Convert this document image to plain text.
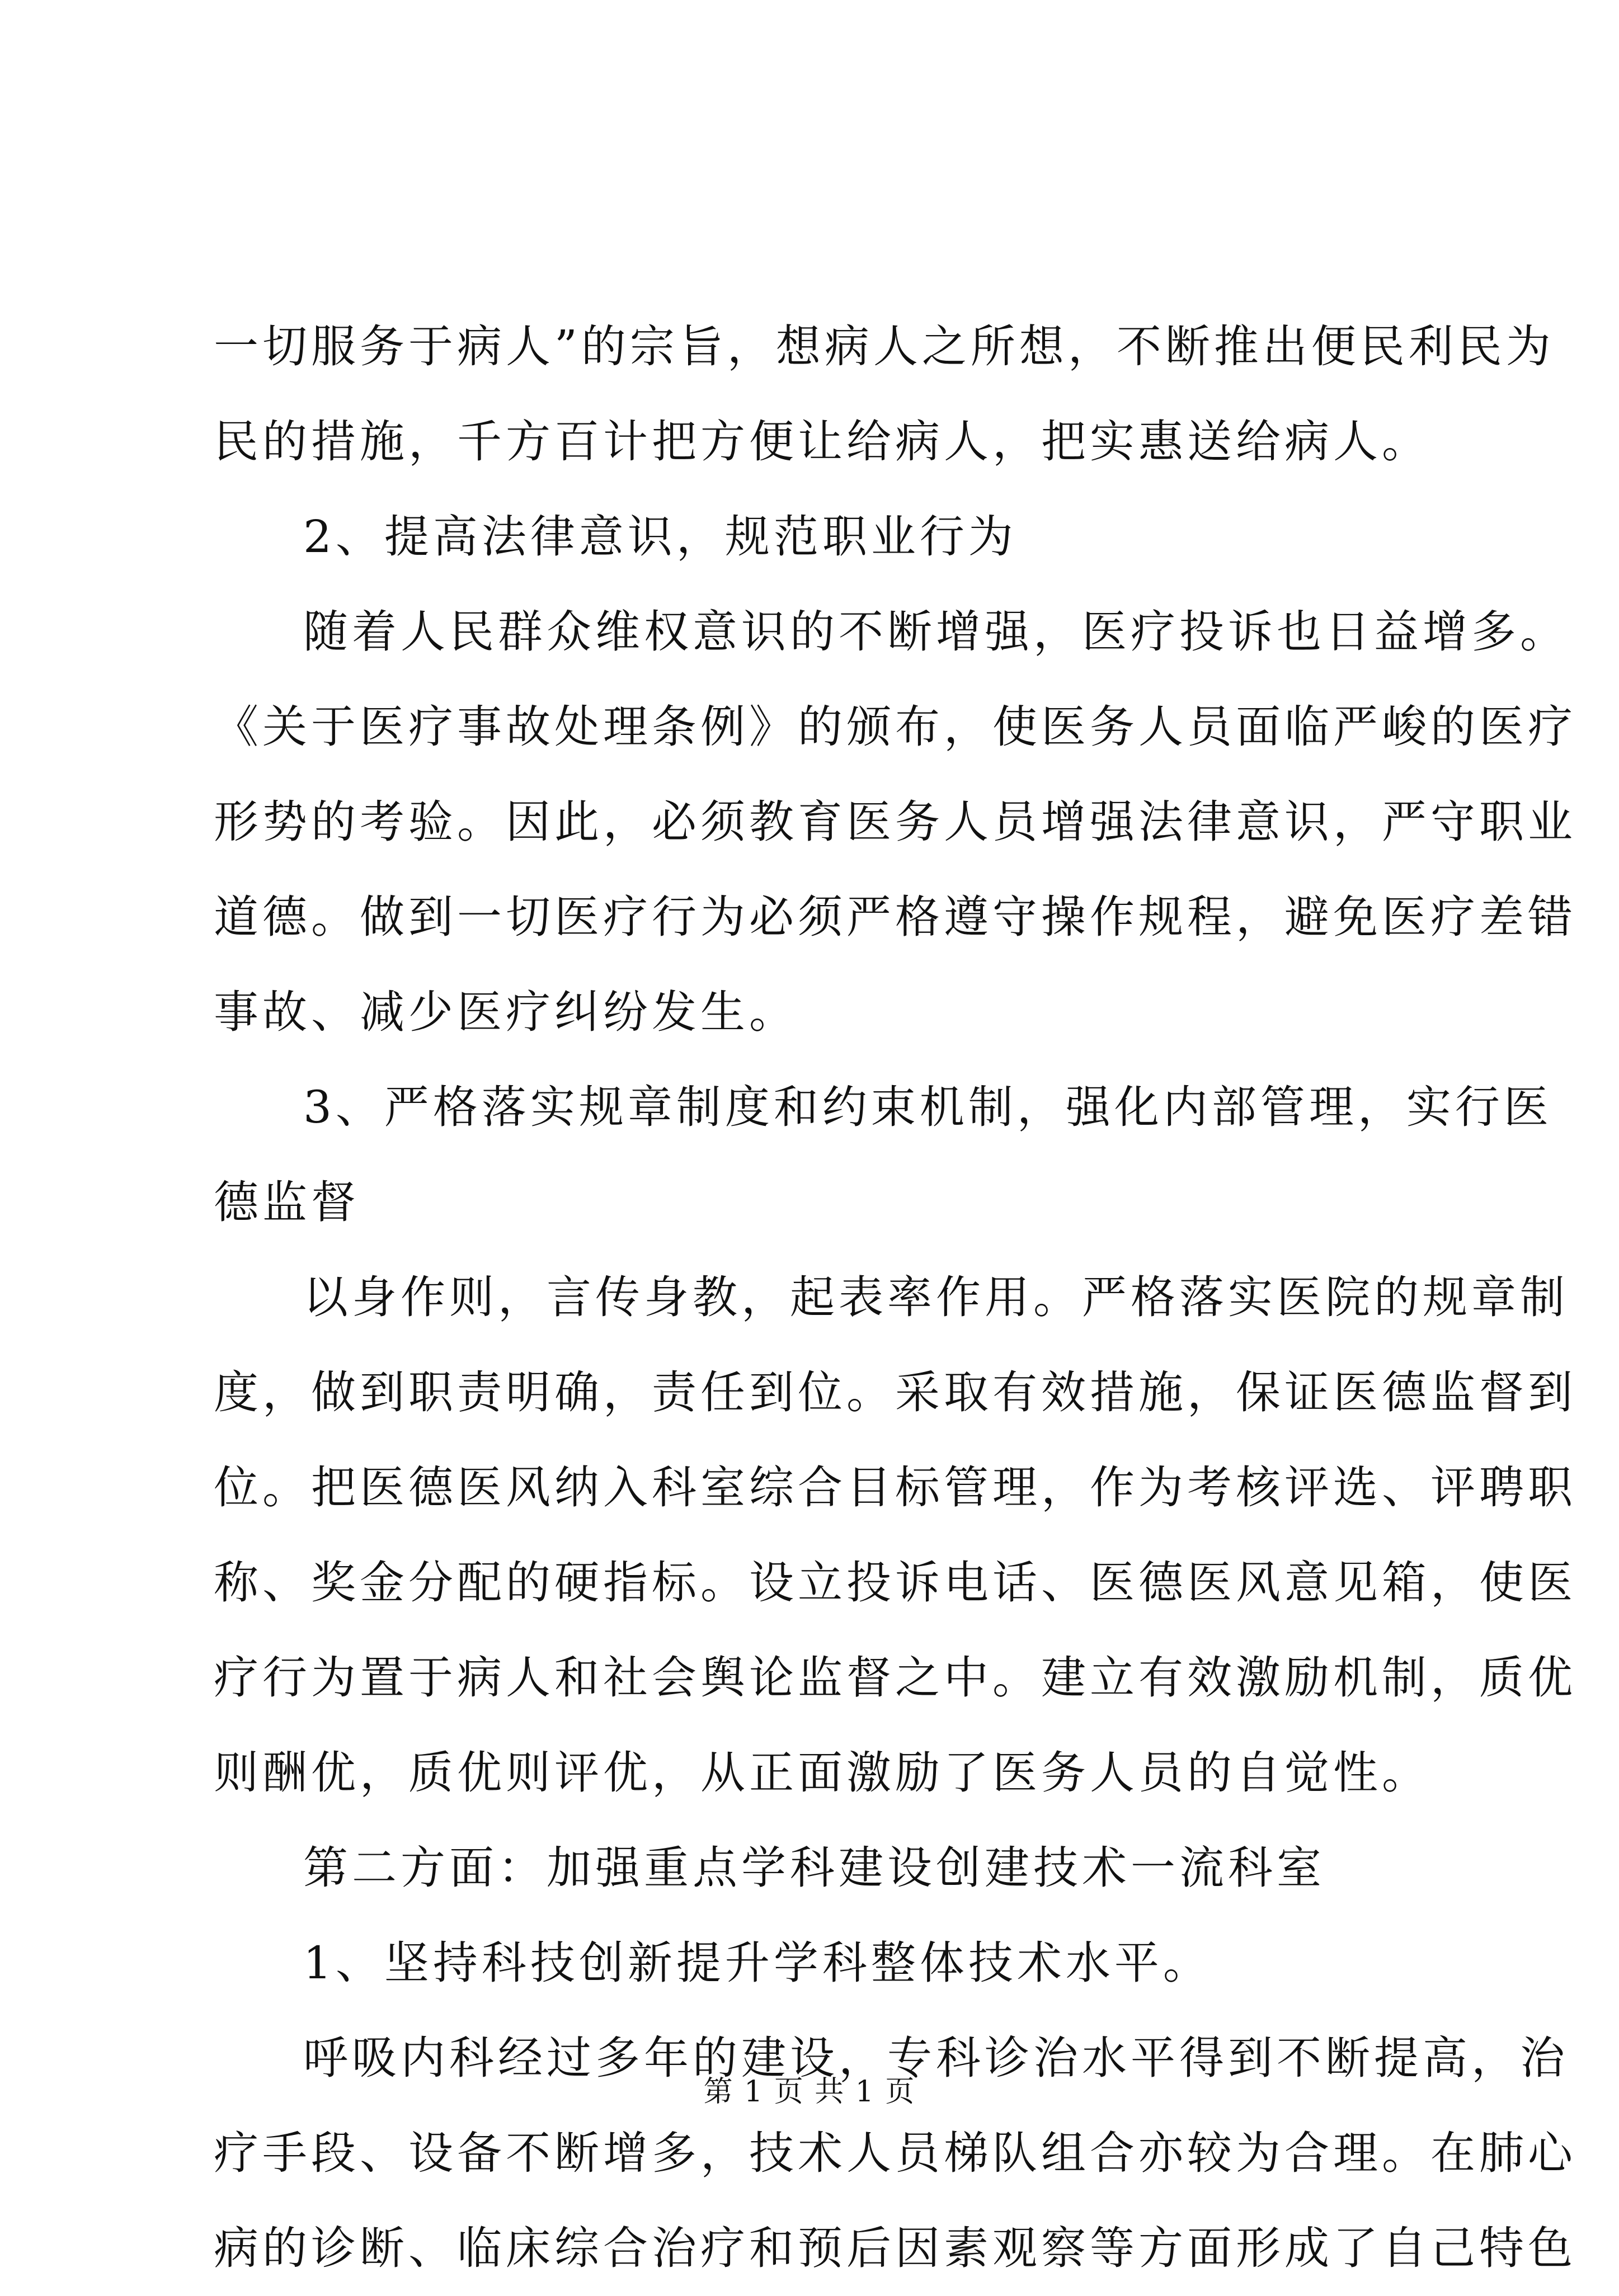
一切服务于病人”的宗旨，想病人之所想，不断推出便民利民为
民的措施，千方百计把方便让给病人，把实惠送给病人。
2、提高法律意识，规范职业行为
随着人民群众维权意识的不断增强，医疗投诉也日益增多。
《关于医疗事故处理条例》的颁布，使医务人员面临严峻的医疗
形势的考验。因此，必须教育医务人员增强法律意识，严守职业
道德。做到一切医疗行为必须严格遵守操作规程，避免医疗差错
事故、减少医疗纠纷发生。
3、严格落实规章制度和约束机制，强化内部管理，实行医
德监督
以身作则，言传身教，起表率作用。严格落实医院的规章制
度，做到职责明确，责任到位。采取有效措施，保证医德监督到
位。把医德医风纳入科室综合目标管理，作为考核评选、评聘职
称、奖金分配的硬指标。设立投诉电话、医德医风意见箱，使医
疗行为置于病人和社会舆论监督之中。建立有效激励机制，质优
则酬优，质优则评优，从正面激励了医务人员的自觉性。
第二方面：加强重点学科建设创建技术一流科室
1、坚持科技创新提升学科整体技术水平。
呼吸内科经过多年的建设，专科诊治水平得到不断提高，治
疗手段、设备不断增多，技术人员梯队组合亦较为合理。在肺心
病的诊断、临床综合治疗和预后因素观察等方面形成了自己特色
第 1 页 共 1 页
